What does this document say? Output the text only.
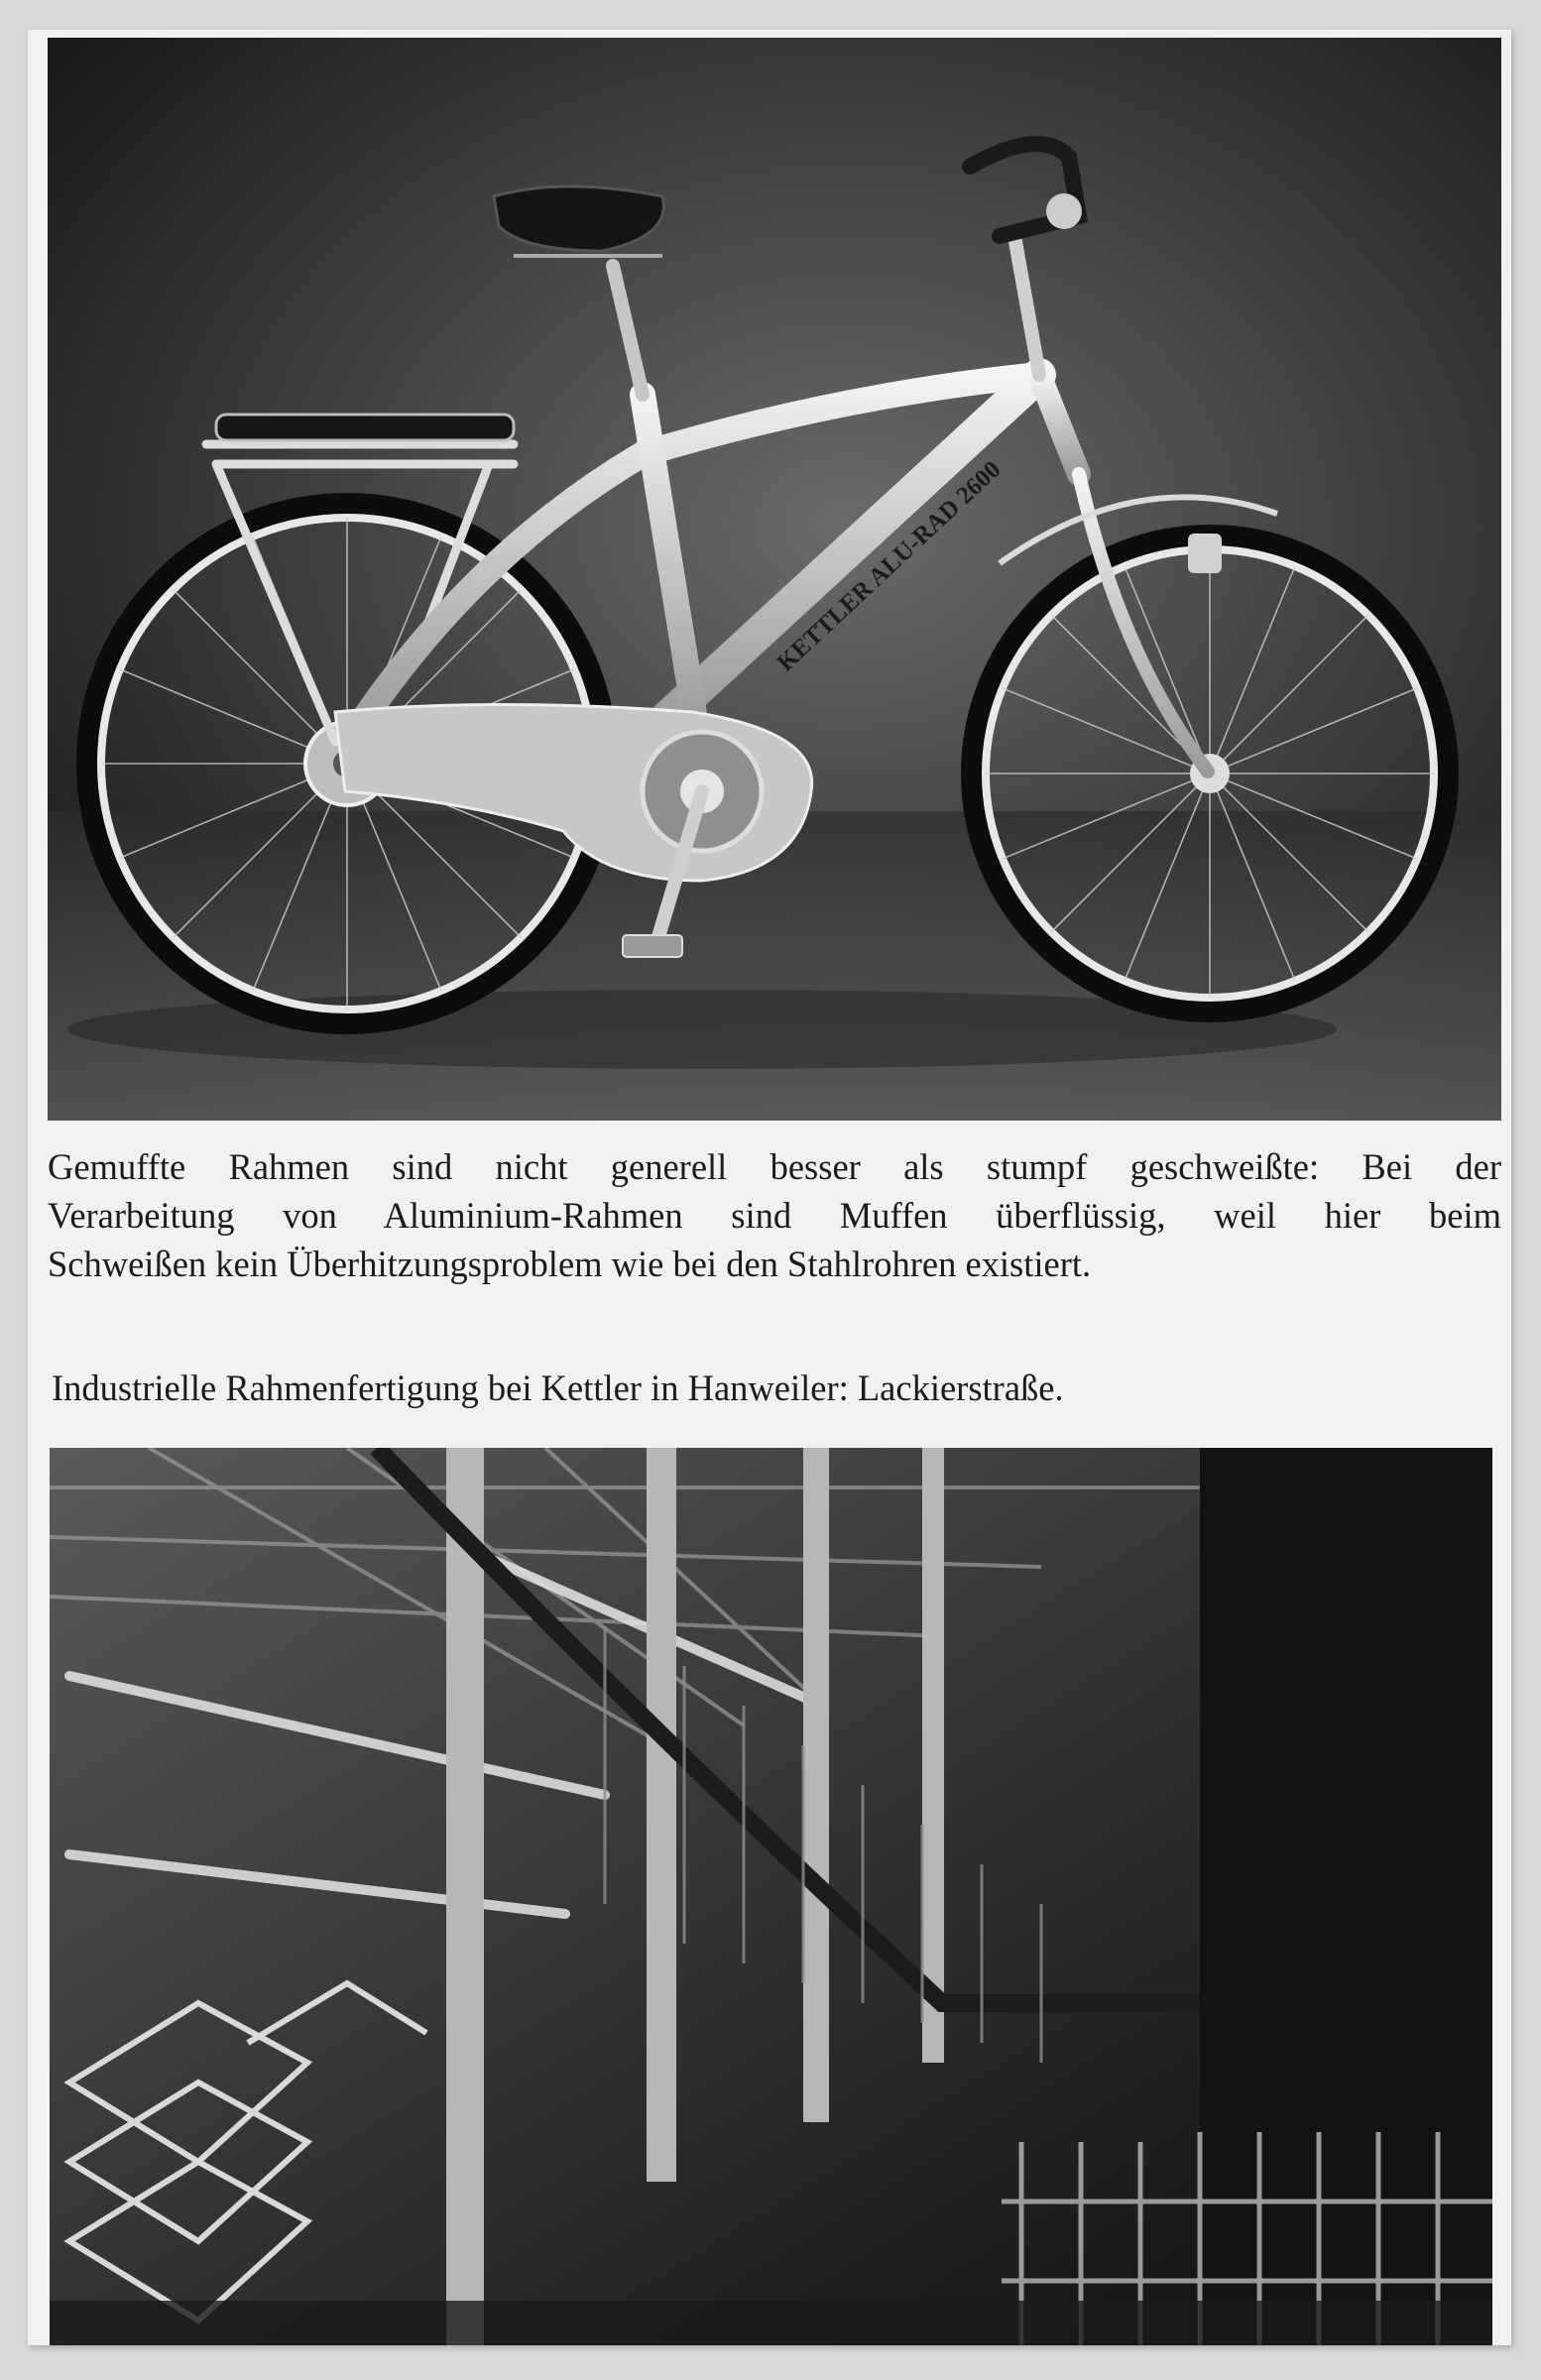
KETTLER ALU-RAD 2600

Gemuffte Rahmen sind nicht generell besser als stumpf geschweißte: Bei der
Verarbeitung von Aluminium-Rahmen sind Muffen überflüssig, weil hier beim
Schweißen kein Überhitzungsproblem wie bei den Stahlrohren existiert.

Industrielle Rahmenfertigung bei Kettler in Hanweiler: Lackierstraße.
